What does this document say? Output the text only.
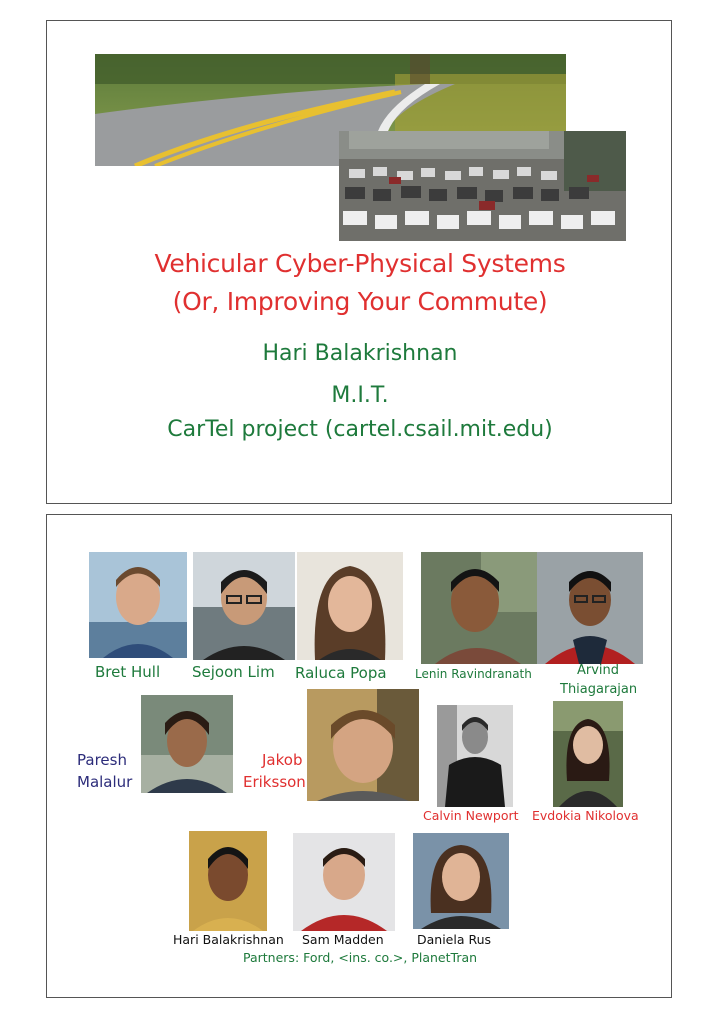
Vehicular Cyber-Physical Systems
(Or, Improving Your Commute)
Hari Balakrishnan
M.I.T.
CarTel project (cartel.csail.mit.edu)
Bret Hull Sejoon Lim Raluca Popa Lenin Ravindranath	Arvind
Thiagarajan
Paresh
Malalur
Jakob
Eriksson
Calvin Newport Evdokia Nikolova
Hari Balakrishnan Sam Madden	Daniela Rus
Partners: Ford, <ins. co.>, PlanetTran
